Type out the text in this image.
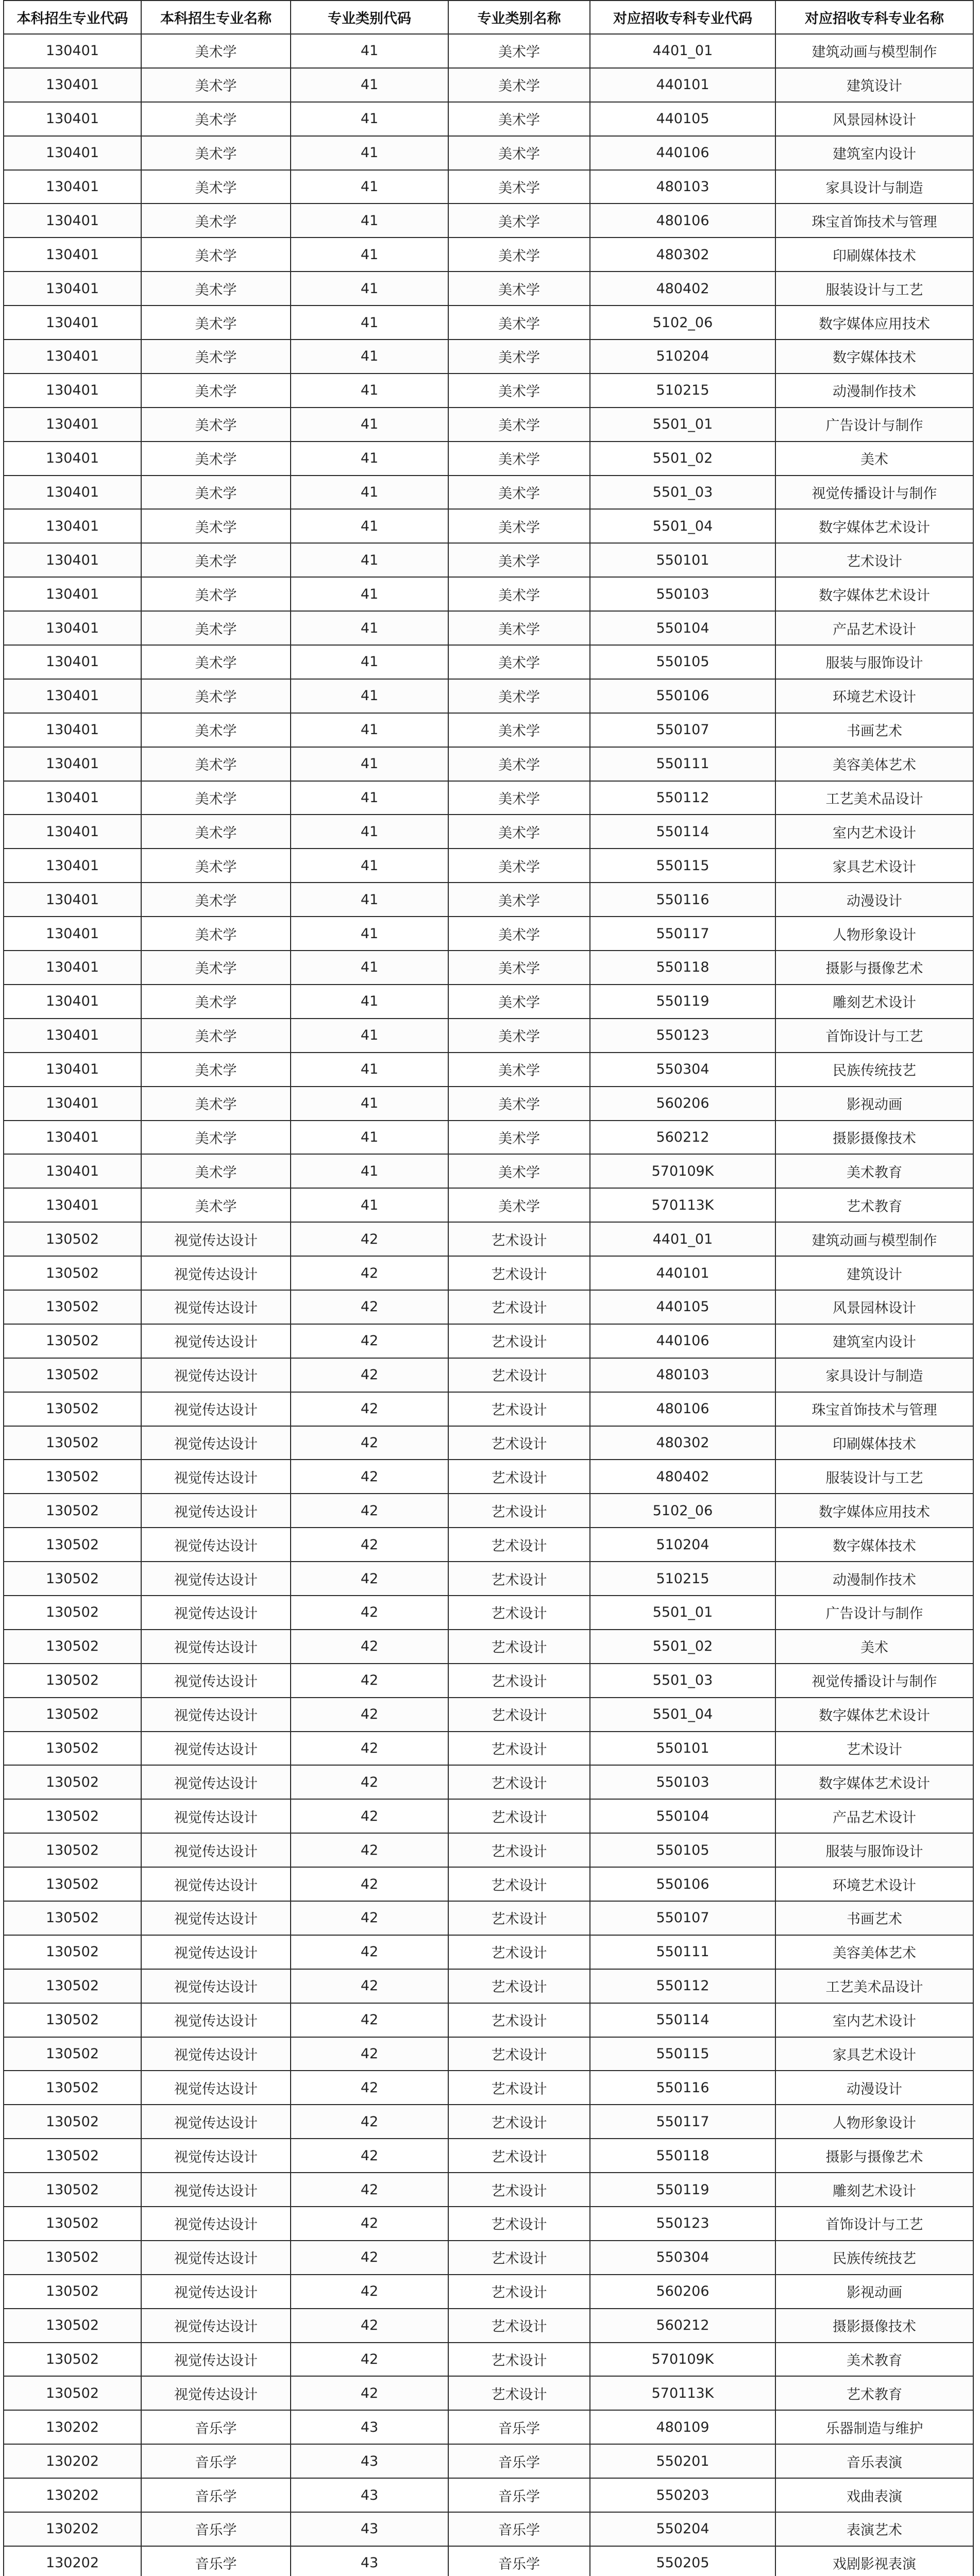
本科招生专业代码	本科招生专业名称	专业类别代码	专业类别名称	对应招收专科专业代码	对应招收专科专业名称
130401	美术学	41	美术学	4401_01	建筑动画与模型制作
130401	美术学	41	美术学	440101	建筑设计
130401	美术学	41	美术学	440105	风景园林设计
130401	美术学	41	美术学	440106	建筑室内设计
130401	美术学	41	美术学	480103	家具设计与制造
130401	美术学	41	美术学	480106	珠宝首饰技术与管理
130401	美术学	41	美术学	480302	印刷媒体技术
130401	美术学	41	美术学	480402	服装设计与工艺
130401	美术学	41	美术学	5102_06	数字媒体应用技术
130401	美术学	41	美术学	510204	数字媒体技术
130401	美术学	41	美术学	510215	动漫制作技术
130401	美术学	41	美术学	5501_01	广告设计与制作
130401	美术学	41	美术学	5501_02	美术
130401	美术学	41	美术学	5501_03	视觉传播设计与制作
130401	美术学	41	美术学	5501_04	数字媒体艺术设计
130401	美术学	41	美术学	550101	艺术设计
130401	美术学	41	美术学	550103	数字媒体艺术设计
130401	美术学	41	美术学	550104	产品艺术设计
130401	美术学	41	美术学	550105	服装与服饰设计
130401	美术学	41	美术学	550106	环境艺术设计
130401	美术学	41	美术学	550107	书画艺术
130401	美术学	41	美术学	550111	美容美体艺术
130401	美术学	41	美术学	550112	工艺美术品设计
130401	美术学	41	美术学	550114	室内艺术设计
130401	美术学	41	美术学	550115	家具艺术设计
130401	美术学	41	美术学	550116	动漫设计
130401	美术学	41	美术学	550117	人物形象设计
130401	美术学	41	美术学	550118	摄影与摄像艺术
130401	美术学	41	美术学	550119	雕刻艺术设计
130401	美术学	41	美术学	550123	首饰设计与工艺
130401	美术学	41	美术学	550304	民族传统技艺
130401	美术学	41	美术学	560206	影视动画
130401	美术学	41	美术学	560212	摄影摄像技术
130401	美术学	41	美术学	570109K	美术教育
130401	美术学	41	美术学	570113K	艺术教育
130502	视觉传达设计	42	艺术设计	4401_01	建筑动画与模型制作
130502	视觉传达设计	42	艺术设计	440101	建筑设计
130502	视觉传达设计	42	艺术设计	440105	风景园林设计
130502	视觉传达设计	42	艺术设计	440106	建筑室内设计
130502	视觉传达设计	42	艺术设计	480103	家具设计与制造
130502	视觉传达设计	42	艺术设计	480106	珠宝首饰技术与管理
130502	视觉传达设计	42	艺术设计	480302	印刷媒体技术
130502	视觉传达设计	42	艺术设计	480402	服装设计与工艺
130502	视觉传达设计	42	艺术设计	5102_06	数字媒体应用技术
130502	视觉传达设计	42	艺术设计	510204	数字媒体技术
130502	视觉传达设计	42	艺术设计	510215	动漫制作技术
130502	视觉传达设计	42	艺术设计	5501_01	广告设计与制作
130502	视觉传达设计	42	艺术设计	5501_02	美术
130502	视觉传达设计	42	艺术设计	5501_03	视觉传播设计与制作
130502	视觉传达设计	42	艺术设计	5501_04	数字媒体艺术设计
130502	视觉传达设计	42	艺术设计	550101	艺术设计
130502	视觉传达设计	42	艺术设计	550103	数字媒体艺术设计
130502	视觉传达设计	42	艺术设计	550104	产品艺术设计
130502	视觉传达设计	42	艺术设计	550105	服装与服饰设计
130502	视觉传达设计	42	艺术设计	550106	环境艺术设计
130502	视觉传达设计	42	艺术设计	550107	书画艺术
130502	视觉传达设计	42	艺术设计	550111	美容美体艺术
130502	视觉传达设计	42	艺术设计	550112	工艺美术品设计
130502	视觉传达设计	42	艺术设计	550114	室内艺术设计
130502	视觉传达设计	42	艺术设计	550115	家具艺术设计
130502	视觉传达设计	42	艺术设计	550116	动漫设计
130502	视觉传达设计	42	艺术设计	550117	人物形象设计
130502	视觉传达设计	42	艺术设计	550118	摄影与摄像艺术
130502	视觉传达设计	42	艺术设计	550119	雕刻艺术设计
130502	视觉传达设计	42	艺术设计	550123	首饰设计与工艺
130502	视觉传达设计	42	艺术设计	550304	民族传统技艺
130502	视觉传达设计	42	艺术设计	560206	影视动画
130502	视觉传达设计	42	艺术设计	560212	摄影摄像技术
130502	视觉传达设计	42	艺术设计	570109K	美术教育
130502	视觉传达设计	42	艺术设计	570113K	艺术教育
130202	音乐学	43	音乐学	480109	乐器制造与维护
130202	音乐学	43	音乐学	550201	音乐表演
130202	音乐学	43	音乐学	550203	戏曲表演
130202	音乐学	43	音乐学	550204	表演艺术
130202	音乐学	43	音乐学	550205	戏剧影视表演
